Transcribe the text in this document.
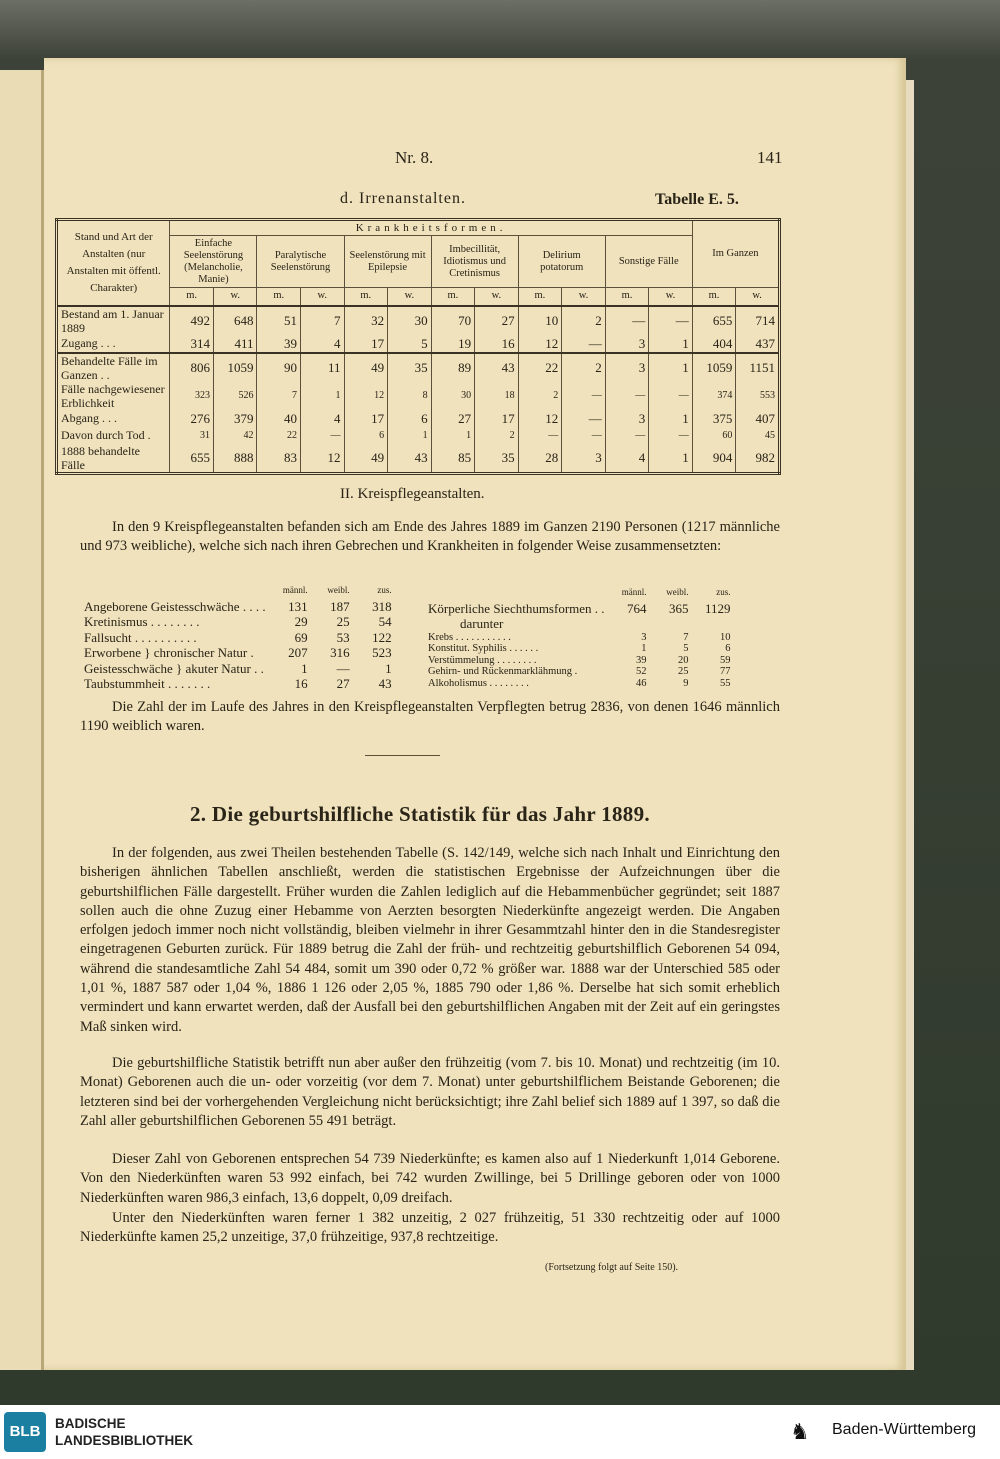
Nr. 8.	141
d. Irrenanstalten.	Tabelle E. 5.
Stand und Art der Anstalten (nur Anstalten mit öffentl. Charakter)	Krankheitsformen.												Im Ganzen	
	Einfache Seelenstörung (Melancholie, Manie)		Paralytische Seelenstörung		Seelenstörung mit Epilepsie		Imbecillität, Idiotismus und Cretinismus		Delirium potatorum		Sonstige Fälle			
	m.	w.	m.	w.	m.	w.	m.	w.	m.	w.	m.	w.	m.	w.
Bestand am 1. Januar 1889	492	648	51	7	32	30	70	27	10	2	—	—	655	714
Zugang . . .	314	411	39	4	17	5	19	16	12	—	3	1	404	437
Behandelte Fälle im Ganzen . .	806	1059	90	11	49	35	89	43	22	2	3	1	1059	1151
Fälle nachgewiesener Erblichkeit	323	526	7	1	12	8	30	18	2	—	—	—	374	553
Abgang . . .	276	379	40	4	17	6	27	17	12	—	3	1	375	407
Davon durch Tod .	31	42	22	—	6	1	1	2	—	—	—	—	60	45
1888 behandelte Fälle	655	888	83	12	49	43	85	35	28	3	4	1	904	982
II. Kreispflegeanstalten.

In den 9 Kreispflegeanstalten befanden sich am Ende des Jahres 1889 im Ganzen 2190 Personen (1217 männliche und 973 weibliche), welche sich nach ihren Gebrechen und Krankheiten in folgender Weise zusammensetzten:

	männl.	weibl.	zus.
Angeborene Geistesschwäche . . . .	131	187	318
Kretinismus . . . . . . . .	29	25	54
Fallsucht . . . . . . . . . .	69	53	122
Erworbene } chronischer Natur .	207	316	523
Geistesschwäche } akuter Natur . .	1	—	1
Taubstummheit . . . . . . .	16	27	43
	männl.	weibl.	zus.
Körperliche Siechthumsformen . .	764	365	1129
darunter			
Krebs . . . . . . . . . . .	3	7	10
Konstitut. Syphilis . . . . . .	1	5	6
Verstümmelung . . . . . . . .	39	20	59
Gehirn- und Rückenmarklähmung .	52	25	77
Alkoholismus . . . . . . . .	46	9	55

Die Zahl der im Laufe des Jahres in den Kreispflegeanstalten Verpflegten betrug 2836, von denen 1646 männlich 1190 weiblich waren.

2. Die geburtshilfliche Statistik für das Jahr 1889.

In der folgenden, aus zwei Theilen bestehenden Tabelle (S. 142/149, welche sich nach Inhalt und Einrichtung den bisherigen ähnlichen Tabellen anschließt, werden die statistischen Ergebnisse der Aufzeichnungen über die geburtshilflichen Fälle dargestellt. Früher wurden die Zahlen lediglich auf die Hebammenbücher gegründet; seit 1887 sollen auch die ohne Zuzug einer Hebamme von Aerzten besorgten Niederkünfte angezeigt werden. Die Angaben erfolgen jedoch immer noch nicht vollständig, bleiben vielmehr in ihrer Gesammtzahl hinter den in die Standesregister eingetragenen Geburten zurück. Für 1889 betrug die Zahl der früh- und rechtzeitig geburtshilflich Geborenen 54 094, während die standesamtliche Zahl 54 484, somit um 390 oder 0,72 % größer war. 1888 war der Unterschied 585 oder 1,01 %, 1887 587 oder 1,04 %, 1886 1 126 oder 2,05 %, 1885 790 oder 1,86 %. Derselbe hat sich somit erheblich vermindert und kann erwartet werden, daß der Ausfall bei den geburtshilflichen Angaben mit der Zeit auf ein geringstes Maß sinken wird.

Die geburtshilfliche Statistik betrifft nun aber außer den frühzeitig (vom 7. bis 10. Monat) und rechtzeitig (im 10. Monat) Geborenen auch die un- oder vorzeitig (vor dem 7. Monat) unter geburtshilflichem Beistande Geborenen; die letzteren sind bei der vorhergehenden Vergleichung nicht berücksichtigt; ihre Zahl belief sich 1889 auf 1 397, so daß die Zahl aller geburtshilflichen Geborenen 55 491 beträgt.

Dieser Zahl von Geborenen entsprechen 54 739 Niederkünfte; es kamen also auf 1 Niederkunft 1,014 Geborene. Von den Niederkünften waren 53 992 einfach, bei 742 wurden Zwillinge, bei 5 Drillinge geboren oder von 1000 Niederkünften waren 986,3 einfach, 13,6 doppelt, 0,09 dreifach.

Unter den Niederkünften waren ferner 1 382 unzeitig, 2 027 frühzeitig, 51 330 rechtzeitig oder auf 1000 Niederkünfte kamen 25,2 unzeitige, 37,0 frühzeitige, 937,8 rechtzeitige.

(Fortsetzung folgt auf Seite 150).
BLB	BADISCHE
LANDESBIBLIOTHEK	♞	Baden-Württemberg
